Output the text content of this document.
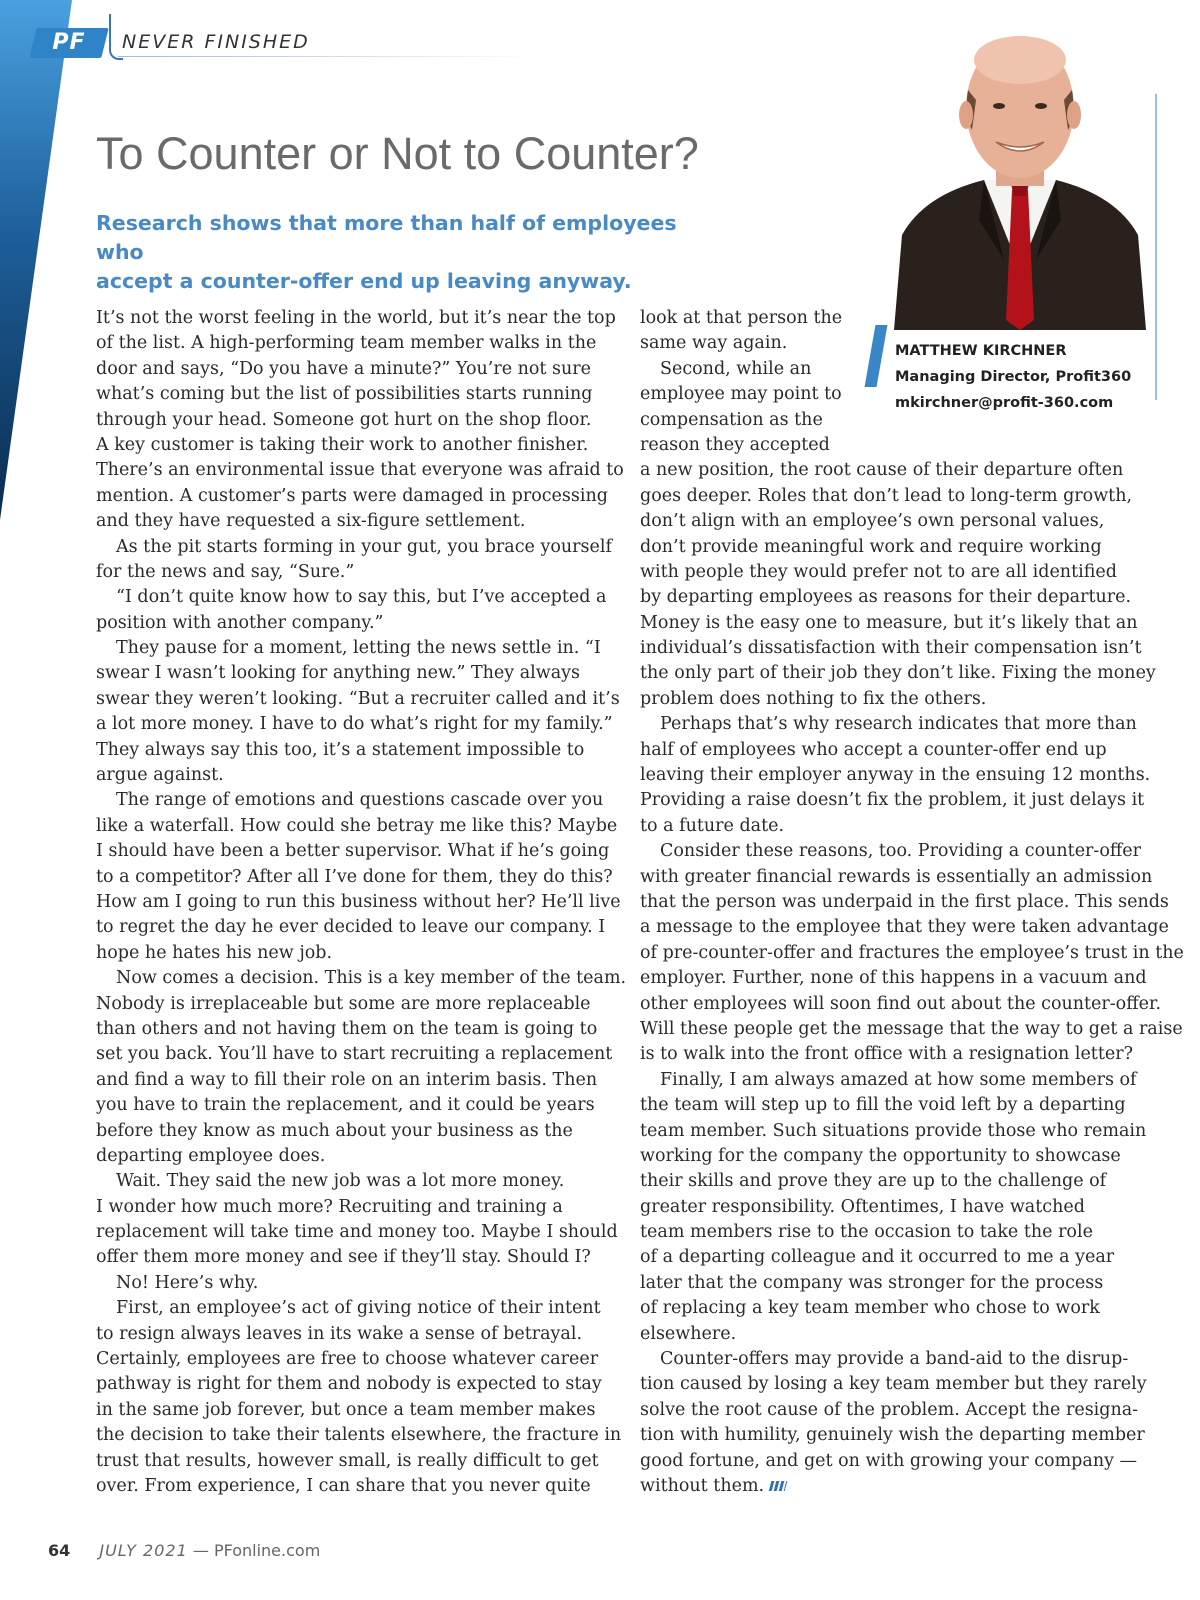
PF	NEVER FINISHED
To Counter or Not to Counter?
Research shows that more than half of employees who
accept a counter-offer end up leaving anyway.
MATTHEW KIRCHNER
Managing Director, Profit360
mkirchner@profit-360.com
It’s not the worst feeling in the world, but it’s near the top
of the list. A high-performing team member walks in the
door and says, “Do you have a minute?” You’re not sure
what’s coming but the list of possibilities starts running
through your head. Someone got hurt on the shop floor.
A key customer is taking their work to another finisher.
There’s an environmental issue that everyone was afraid to
mention. A customer’s parts were damaged in processing
and they have requested a six-figure settlement.
As the pit starts forming in your gut, you brace yourself
for the news and say, “Sure.”
“I don’t quite know how to say this, but I’ve accepted a
position with another company.”
They pause for a moment, letting the news settle in. “I
swear I wasn’t looking for anything new.” They always
swear they weren’t looking. “But a recruiter called and it’s
a lot more money. I have to do what’s right for my family.”
They always say this too, it’s a statement impossible to
argue against.
The range of emotions and questions cascade over you
like a waterfall. How could she betray me like this? Maybe
I should have been a better supervisor. What if he’s going
to a competitor? After all I’ve done for them, they do this?
How am I going to run this business without her? He’ll live
to regret the day he ever decided to leave our company. I
hope he hates his new job.
Now comes a decision. This is a key member of the team.
Nobody is irreplaceable but some are more replaceable
than others and not having them on the team is going to
set you back. You’ll have to start recruiting a replacement
and find a way to fill their role on an interim basis. Then
you have to train the replacement, and it could be years
before they know as much about your business as the
departing employee does.
Wait. They said the new job was a lot more money.
I wonder how much more? Recruiting and training a
replacement will take time and money too. Maybe I should
offer them more money and see if they’ll stay. Should I?
No! Here’s why.
First, an employee’s act of giving notice of their intent
to resign always leaves in its wake a sense of betrayal.
Certainly, employees are free to choose whatever career
pathway is right for them and nobody is expected to stay
in the same job forever, but once a team member makes
the decision to take their talents elsewhere, the fracture in
trust that results, however small, is really difficult to get
over. From experience, I can share that you never quite
look at that person the
same way again.
Second, while an
employee may point to
compensation as the
reason they accepted
a new position, the root cause of their departure often
goes deeper. Roles that don’t lead to long-term growth,
don’t align with an employee’s own personal values,
don’t provide meaningful work and require working
with people they would prefer not to are all identified
by departing employees as reasons for their departure.
Money is the easy one to measure, but it’s likely that an
individual’s dissatisfaction with their compensation isn’t
the only part of their job they don’t like. Fixing the money
problem does nothing to fix the others.
Perhaps that’s why research indicates that more than
half of employees who accept a counter-offer end up
leaving their employer anyway in the ensuing 12 months.
Providing a raise doesn’t fix the problem, it just delays it
to a future date.
Consider these reasons, too. Providing a counter-offer
with greater financial rewards is essentially an admission
that the person was underpaid in the first place. This sends
a message to the employee that they were taken advantage
of pre-counter-offer and fractures the employee’s trust in the
employer. Further, none of this happens in a vacuum and
other employees will soon find out about the counter-offer.
Will these people get the message that the way to get a raise
is to walk into the front office with a resignation letter?
Finally, I am always amazed at how some members of
the team will step up to fill the void left by a departing
team member. Such situations provide those who remain
working for the company the opportunity to showcase
their skills and prove they are up to the challenge of
greater responsibility. Oftentimes, I have watched
team members rise to the occasion to take the role
of a departing colleague and it occurred to me a year
later that the company was stronger for the process
of replacing a key team member who chose to work
elsewhere.
Counter-offers may provide a band-aid to the disrup-
tion caused by losing a key team member but they rarely
solve the root cause of the problem. Accept the resigna-
tion with humility, genuinely wish the departing member
good fortune, and get on with growing your company —
without them.
64 JULY 2021 — PFonline.com
